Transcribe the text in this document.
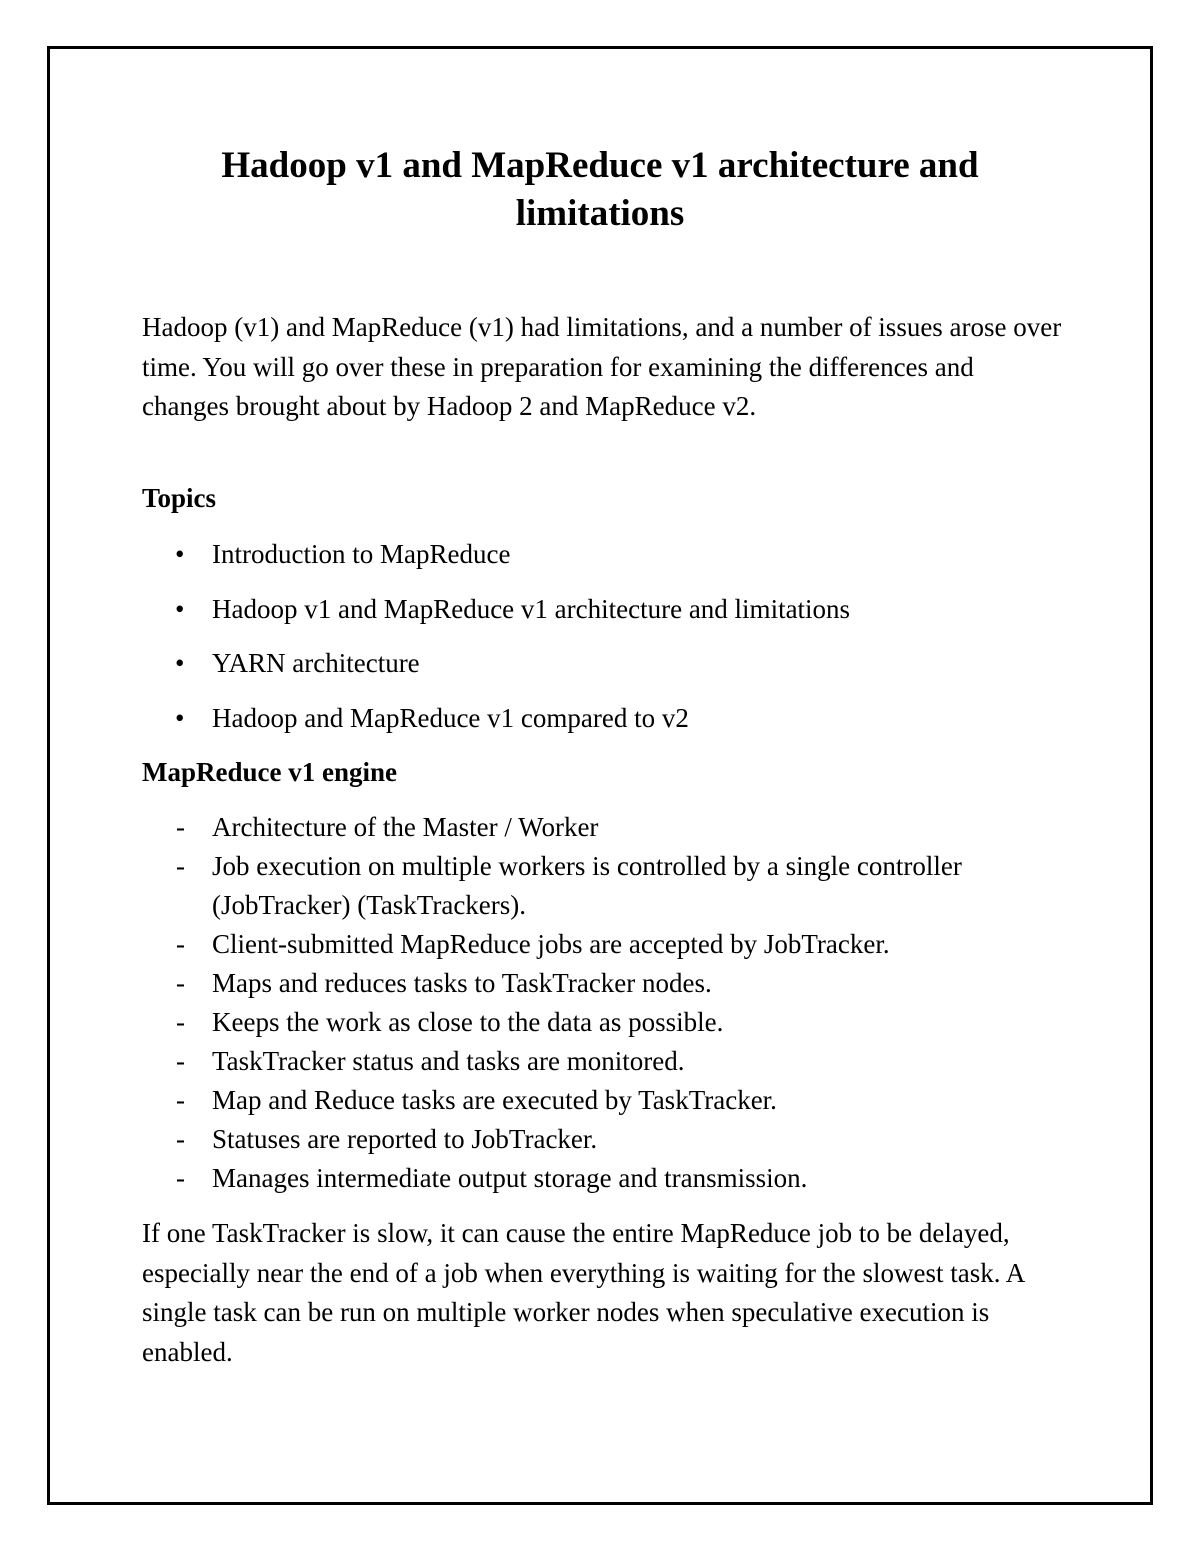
Hadoop v1 and MapReduce v1 architecture and limitations

Hadoop (v1) and MapReduce (v1) had limitations, and a number of issues arose over time. You will go over these in preparation for examining the differences and changes brought about by Hadoop 2 and MapReduce v2.

Topics
• Introduction to MapReduce
• Hadoop v1 and MapReduce v1 architecture and limitations
• YARN architecture
• Hadoop and MapReduce v1 compared to v2
MapReduce v1 engine
- Architecture of the Master / Worker
- Job execution on multiple workers is controlled by a single controller (JobTracker) (TaskTrackers).
- Client-submitted MapReduce jobs are accepted by JobTracker.
- Maps and reduces tasks to TaskTracker nodes.
- Keeps the work as close to the data as possible.
- TaskTracker status and tasks are monitored.
- Map and Reduce tasks are executed by TaskTracker.
- Statuses are reported to JobTracker.
- Manages intermediate output storage and transmission.

If one TaskTracker is slow, it can cause the entire MapReduce job to be delayed, especially near the end of a job when everything is waiting for the slowest task. A single task can be run on multiple worker nodes when speculative execution is enabled.
